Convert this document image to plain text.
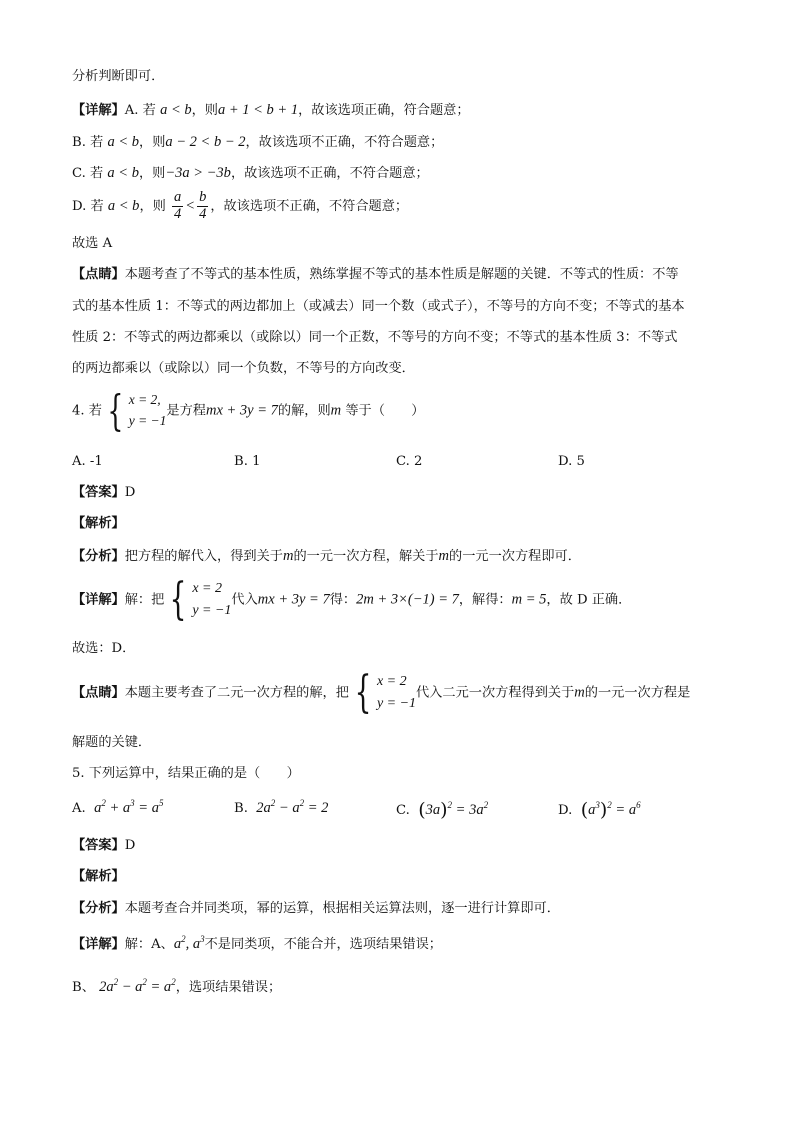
分析判断即可．
【详解】A. 若 a < b，则a + 1 < b + 1，故该选项正确，符合题意；
B. 若 a < b，则a − 2 < b − 2，故该选项不正确，不符合题意；
C. 若 a < b，则−3a > −3b，故该选项不正确，不符合题意；
D. 若 a < b，则 $\frac{a}{4} < \frac{b}{4}$ ，故该选项不正确，不符合题意；
故选 A
【点睛】本题考查了不等式的基本性质，熟练掌握不等式的基本性质是解题的关键．不等式的性质：不等
式的基本性质 1：不等式的两边都加上（或减去）同一个数（或式子），不等号的方向不变；不等式的基本
性质 2：不等式的两边都乘以（或除以）同一个正数，不等号的方向不变；不等式的基本性质 3：不等式
的两边都乘以（或除以）同一个负数，不等号的方向改变．
4. 若 { x = 2,
y = −1
是方程mx + 3y = 7的解，则m 等于（　　）
A. -1	B. 1	C. 2	D. 5
【答案】D
【解析】
【分析】把方程的解代入，得到关于m的一元一次方程，解关于m的一元一次方程即可．
【详解】解：把 { x = 2
y = −1
代入mx + 3y = 7得：2m + 3×(−1) = 7，解得：m = 5，故 D 正确．
故选：D．
【点睛】本题主要考查了二元一次方程的解，把 { x = 2
y = −1
代入二元一次方程得到关于m的一元一次方程是
解题的关键．
5. 下列运算中，结果正确的是（　　）
A. $a^2 + a^3 = a^5$	B. $2a^2 - a^2 = 2$	C. $(3a)^2 = 3a^2$	D. $(a^3)^2 = a^6$
【答案】D
【解析】
【分析】本题考查合并同类项，幂的运算，根据相关运算法则，逐一进行计算即可．
【详解】解：A、$a^2$, $a^3$不是同类项，不能合并，选项结果错误；
B、 $2a^2 - a^2 = a^2$，选项结果错误；
